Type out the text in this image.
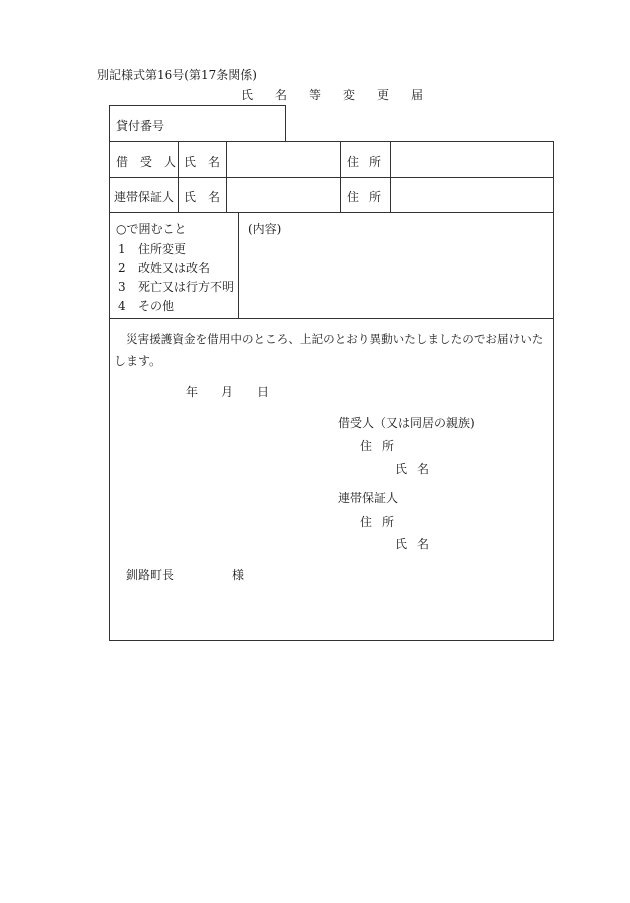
別記様式第16号(第17条関係)
氏 名 等 変 更 届
貸付番号
借 受 人 氏 名	住 所
連帯保証人 氏 名	住 所
○で囲むこと
1 住所変更
2 改姓又は改名
3 死亡又は行方不明
4 その他
(内容)
災害援護資金を借用中のところ、上記のとおり異動いたしましたのでお届けいた
します。
年 月 日
借受人（又は同居の親族)
住 所
氏 名
連帯保証人
住 所
氏 名
釧路町長	様
